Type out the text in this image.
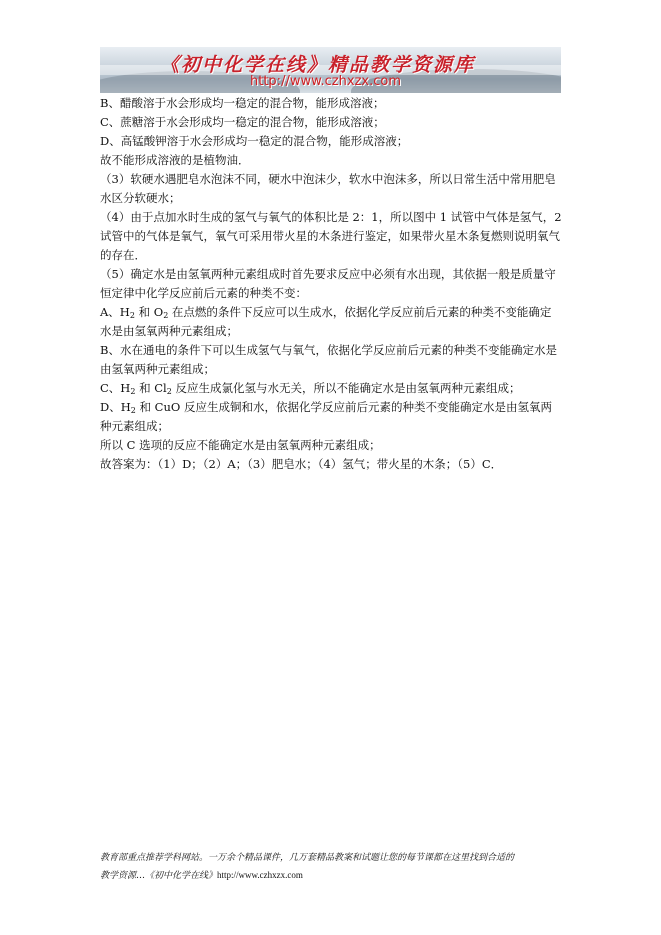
《初中化学在线》精品教学资源库
http://www.czhxzx.com

B、醋酸溶于水会形成均一稳定的混合物，能形成溶液；

C、蔗糖溶于水会形成均一稳定的混合物，能形成溶液；

D、高锰酸钾溶于水会形成均一稳定的混合物，能形成溶液；

故不能形成溶液的是植物油．

（3）软硬水遇肥皂水泡沫不同，硬水中泡沫少，软水中泡沫多，所以日常生活中常用肥皂水区分软硬水；

（4）由于点加水时生成的氢气与氧气的体积比是 2：1，所以图中 1 试管中气体是氢气，2 试管中的气体是氧气，氧气可采用带火星的木条进行鉴定，如果带火星木条复燃则说明氧气的存在．

（5）确定水是由氢氧两种元素组成时首先要求反应中必须有水出现，其依据一般是质量守恒定律中化学反应前后元素的种类不变：

A、$H_2$ 和 $O_2$ 在点燃的条件下反应可以生成水，依据化学反应前后元素的种类不变能确定水是由氢氧两种元素组成；

B、水在通电的条件下可以生成氢气与氧气，依据化学反应前后元素的种类不变能确定水是由氢氧两种元素组成；

C、$H_2$ 和 $Cl_2$ 反应生成氯化氢与水无关，所以不能确定水是由氢氧两种元素组成；

D、$H_2$ 和 CuO 反应生成铜和水，依据化学反应前后元素的种类不变能确定水是由氢氧两种元素组成；

所以 C 选项的反应不能确定水是由氢氧两种元素组成；

故答案为：（1）D；（2）A；（3）肥皂水；（4）氢气；带火星的木条；（5）C．

教育部重点推荐学科网站。一万余个精品课件，几万套精品教案和试题让您的每节课都在这里找到合适的
教学资源…《初中化学在线》http://www.czhxzx.com
